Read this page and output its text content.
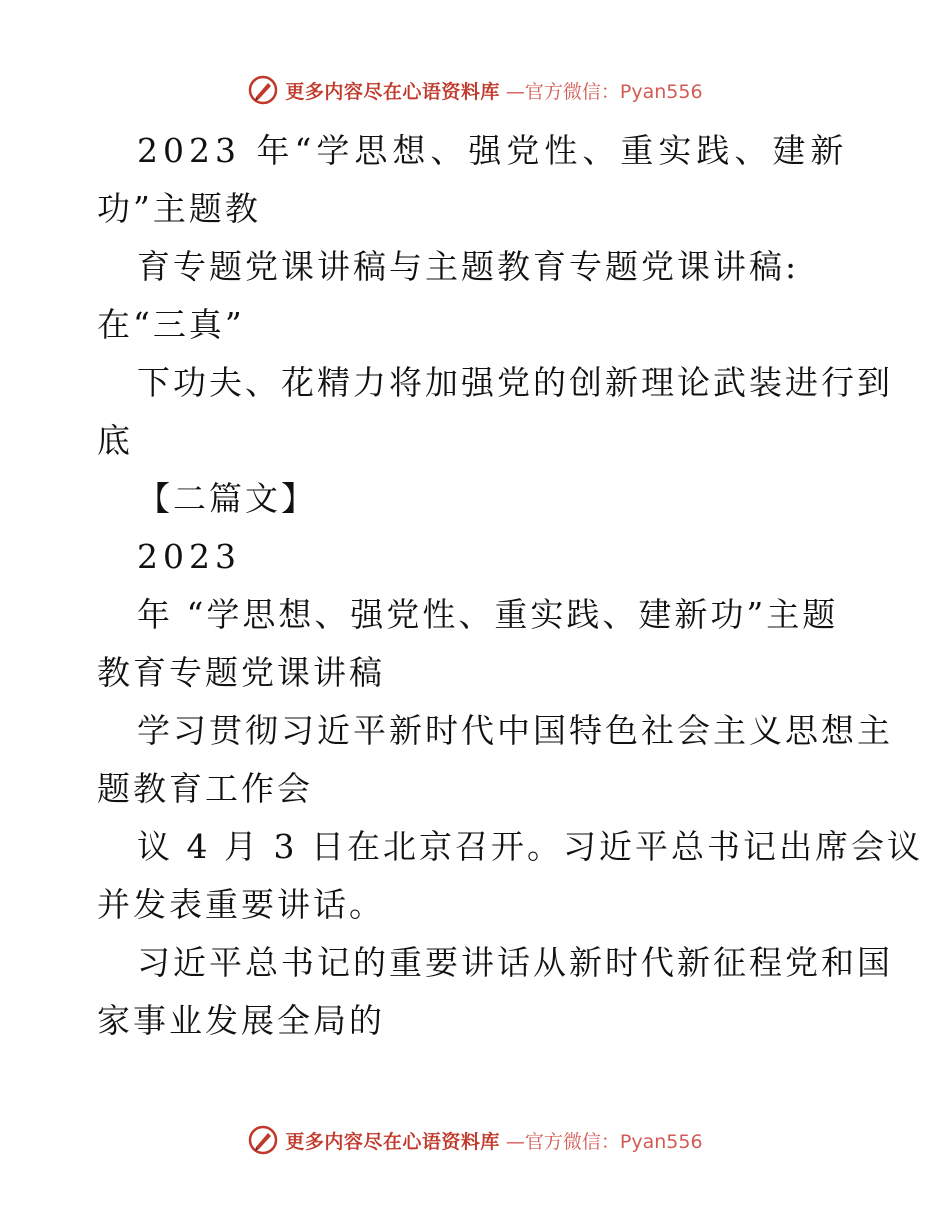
更多内容尽在心语资料库 —官方微信：Pyan556
2023 年“学思想、强党性、重实践、建新
功”主题教
育专题党课讲稿与主题教育专题党课讲稿:
在“三真”
下功夫、花精力将加强党的创新理论武装进行到
底
【二篇文】
2023
年 “学思想、强党性、重实践、建新功”主题
教育专题党课讲稿
学习贯彻习近平新时代中国特色社会主义思想主
题教育工作会
议 4 月 3 日在北京召开。习近平总书记出席会议
并发表重要讲话。
习近平总书记的重要讲话从新时代新征程党和国
家事业发展全局的
更多内容尽在心语资料库 —官方微信：Pyan556
